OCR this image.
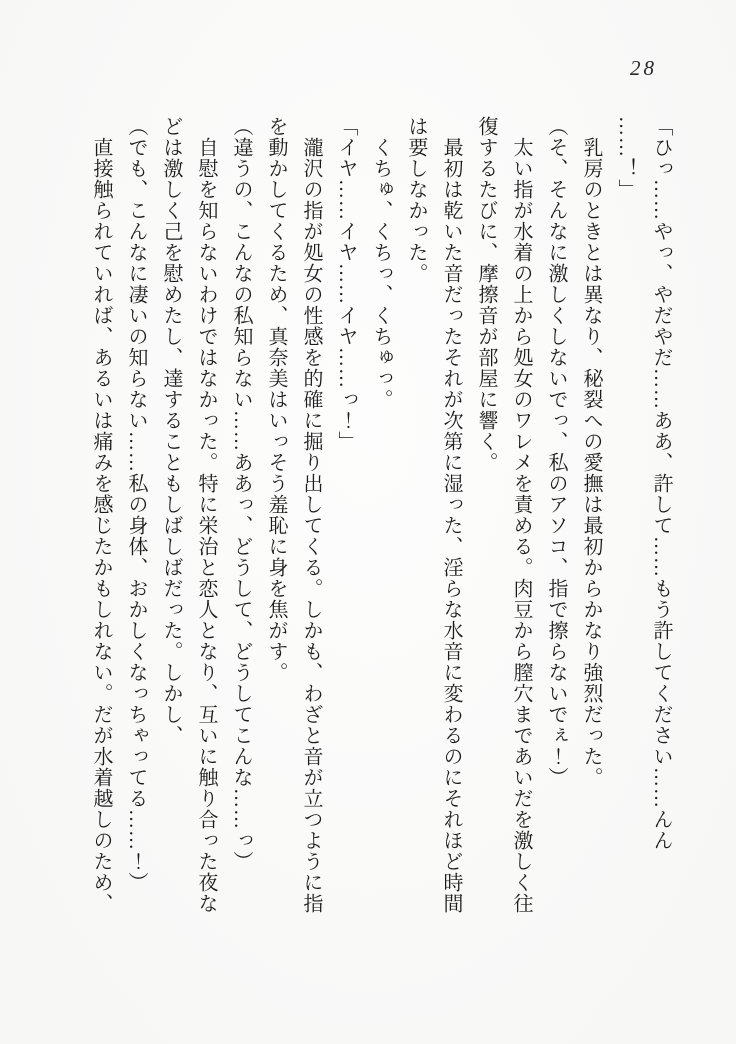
28

「ひっ……やっ、やだやだ……ああ、許して……もう許してください……んん

……！」

　乳房のときとは異なり、秘裂への愛撫は最初からかなり強烈だった。

（そ、そんなに激しくしないでっ、私のアソコ、指で擦らないでぇ！）

　太い指が水着の上から処女のワレメを責める。肉豆から膣穴まであいだを激しく往

復するたびに、摩擦音が部屋に響く。

　最初は乾いた音だったそれが次第に湿った、淫らな水音に変わるのにそれほど時間

は要しなかった。

　くちゅ、くちっ、くちゅっ。

「イヤ……イヤ……イヤ……っ！」

　瀧沢の指が処女の性感を的確に掘り出してくる。しかも、わざと音が立つように指

を動かしてくるため、真奈美はいっそう羞恥に身を焦がす。

（違うの、こんなの私知らない……ああっ、どうして、どうしてこんな……っ）

　自慰を知らないわけではなかった。特に栄治と恋人となり、互いに触り合った夜な

どは激しく己を慰めたし、達することもしばしばだった。しかし、

（でも、こんなに凄いの知らない……私の身体、おかしくなっちゃってる……！）

　直接触られていれば、あるいは痛みを感じたかもしれない。だが水着越しのため、
